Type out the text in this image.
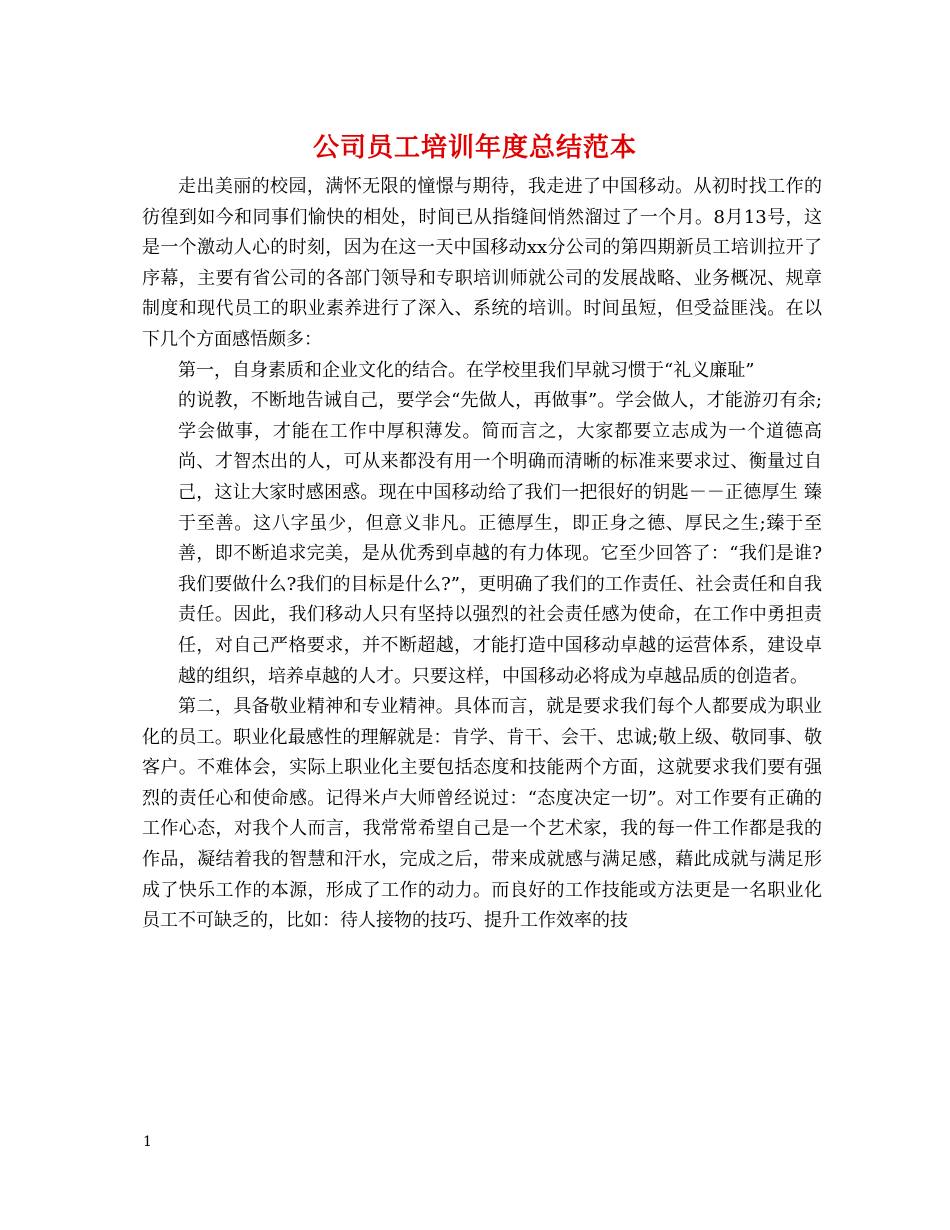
公司员工培训年度总结范本

走出美丽的校园，满怀无限的憧憬与期待，我走进了中国移动。从初时找工作的彷徨到如今和同事们愉快的相处，时间已从指缝间悄然溜过了一个月。8月13号，这是一个激动人心的时刻，因为在这一天中国移动xx分公司的第四期新员工培训拉开了序幕，主要有省公司的各部门领导和专职培训师就公司的发展战略、业务概况、规章制度和现代员工的职业素养进行了深入、系统的培训。时间虽短，但受益匪浅。在以下几个方面感悟颇多：

第一，自身素质和企业文化的结合。在学校里我们早就习惯于“礼义廉耻”

的说教，不断地告诫自己，要学会“先做人，再做事”。学会做人，才能游刃有余;学会做事，才能在工作中厚积薄发。简而言之，大家都要立志成为一个道德高尚、才智杰出的人，可从来都没有用一个明确而清晰的标准来要求过、衡量过自己，这让大家时感困惑。现在中国移动给了我们一把很好的钥匙－－正德厚生 臻于至善。这八字虽少，但意义非凡。正德厚生，即正身之德、厚民之生;臻于至善，即不断追求完美，是从优秀到卓越的有力体现。它至少回答了：“我们是谁?我们要做什么?我们的目标是什么?”，更明确了我们的工作责任、社会责任和自我责任。因此，我们移动人只有坚持以强烈的社会责任感为使命，在工作中勇担责任，对自己严格要求，并不断超越，才能打造中国移动卓越的运营体系，建设卓越的组织，培养卓越的人才。只要这样，中国移动必将成为卓越品质的创造者。

第二，具备敬业精神和专业精神。具体而言，就是要求我们每个人都要成为职业化的员工。职业化最感性的理解就是：肯学、肯干、会干、忠诚;敬上级、敬同事、敬客户。不难体会，实际上职业化主要包括态度和技能两个方面，这就要求我们要有强烈的责任心和使命感。记得米卢大师曾经说过：“态度决定一切”。对工作要有正确的工作心态，对我个人而言，我常常希望自己是一个艺术家，我的每一件工作都是我的作品，凝结着我的智慧和汗水，完成之后，带来成就感与满足感，藉此成就与满足形成了快乐工作的本源，形成了工作的动力。而良好的工作技能或方法更是一名职业化员工不可缺乏的，比如：待人接物的技巧、提升工作效率的技

1
